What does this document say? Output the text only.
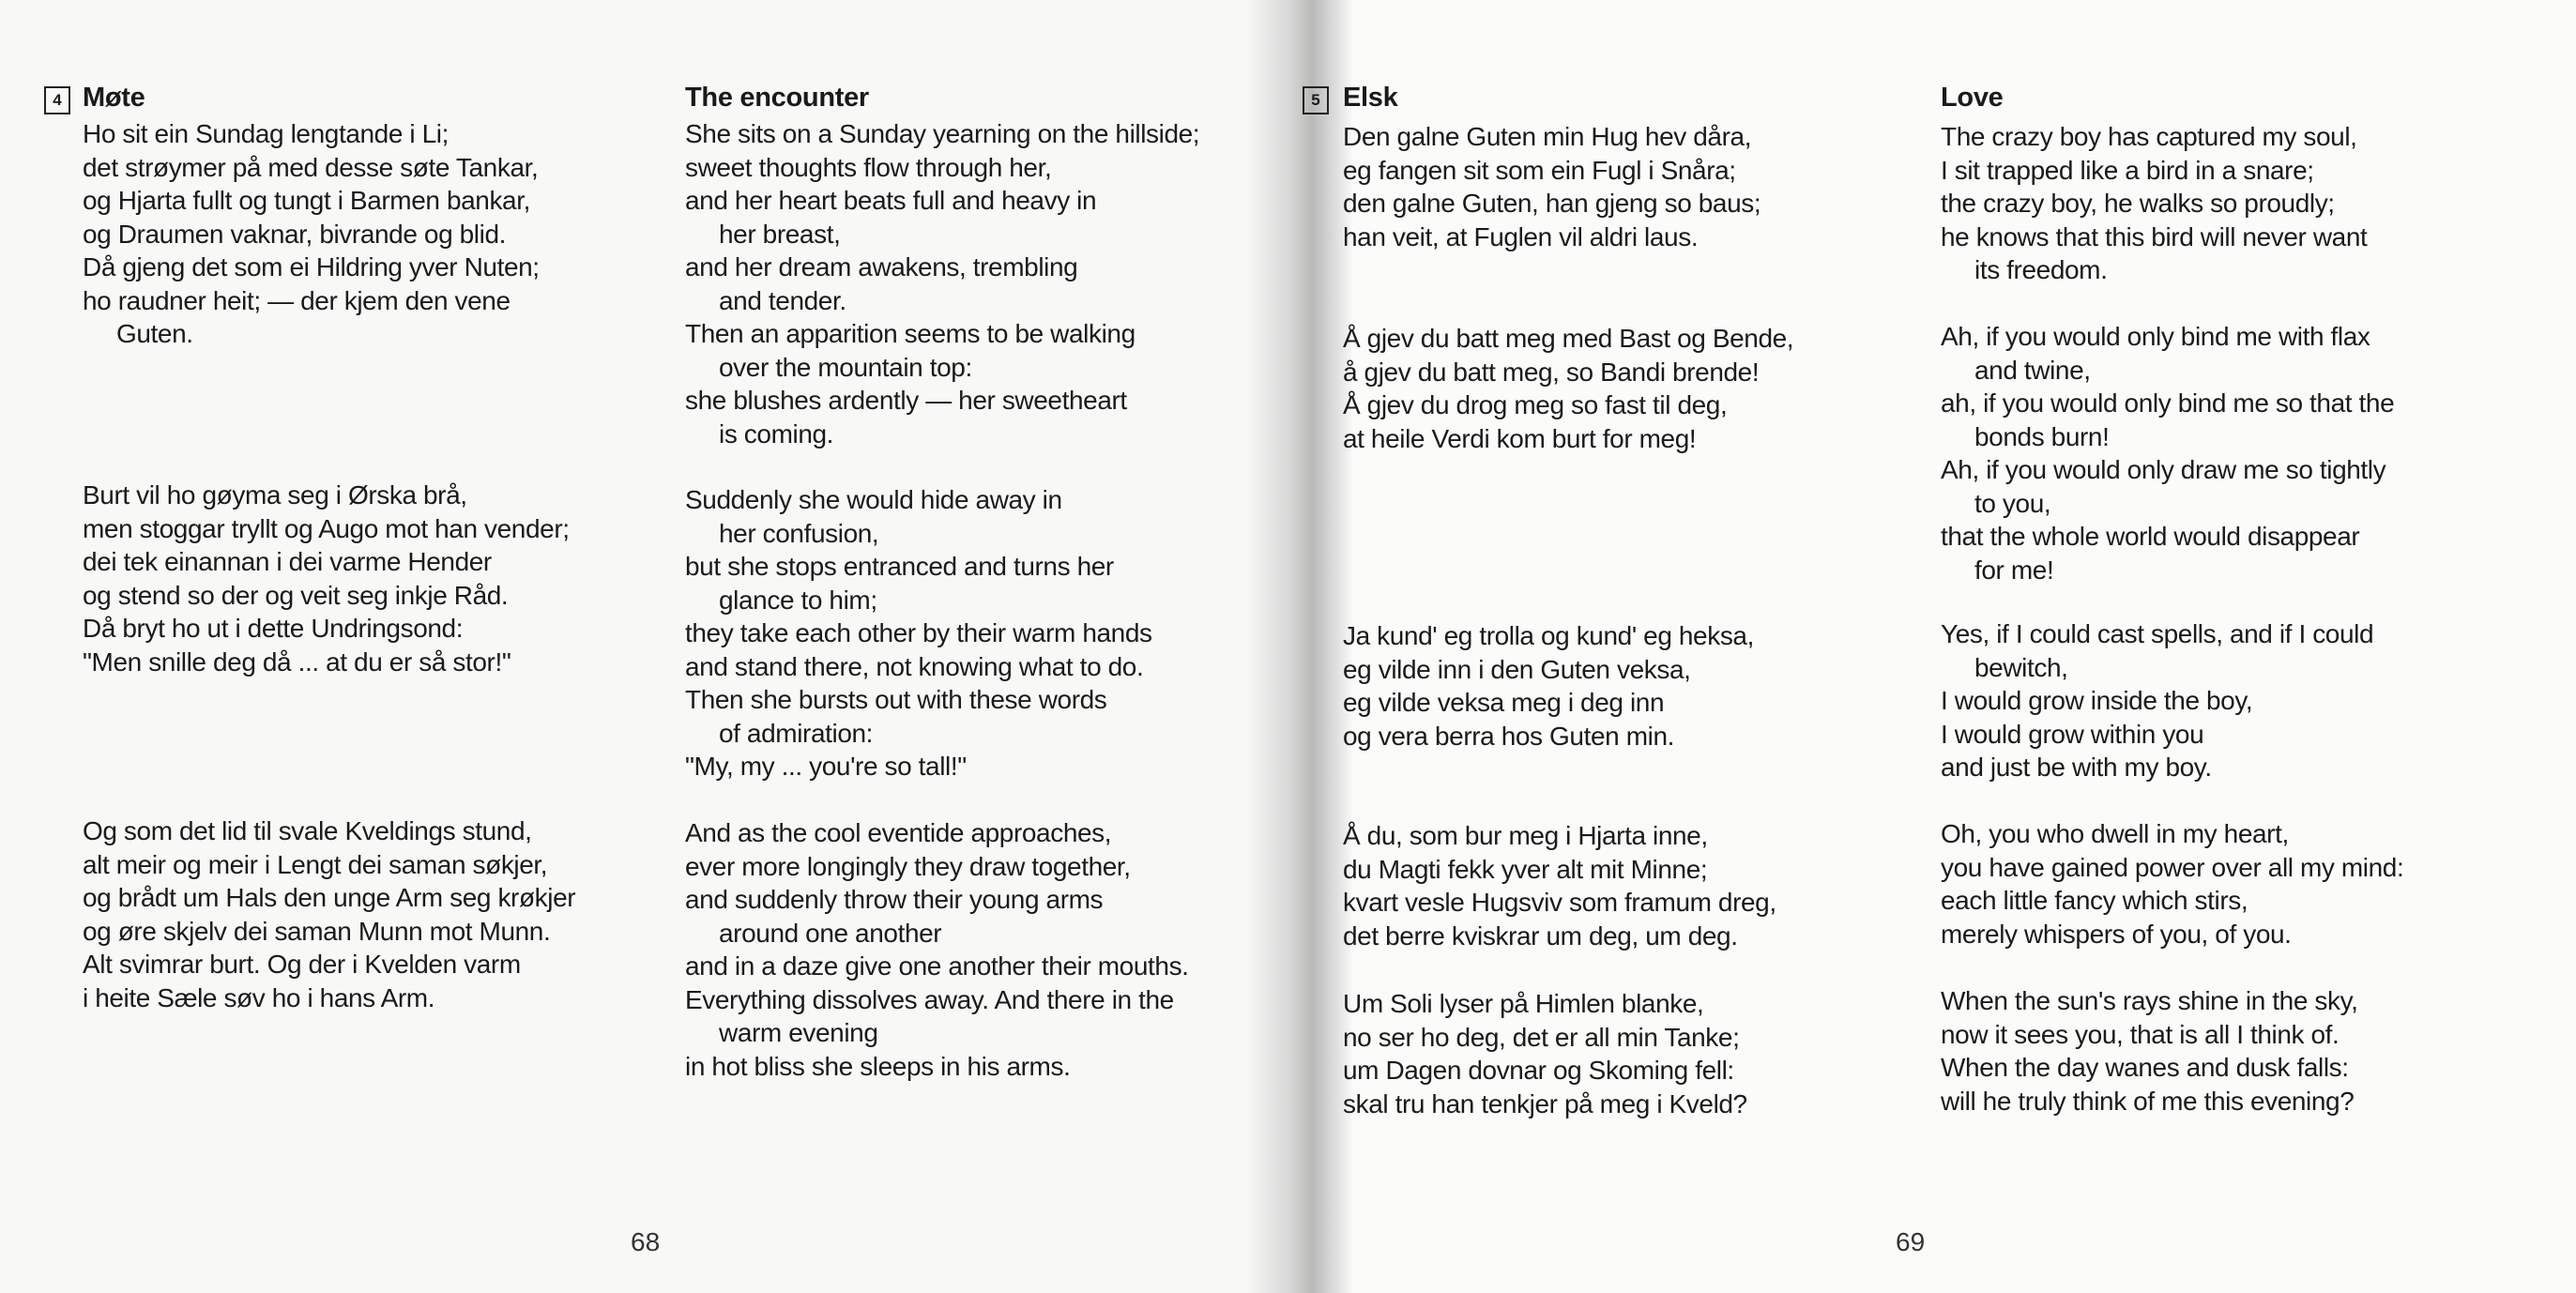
4 Møte
Ho sit ein Sundag lengtande i Li;
det strøymer på med desse søte Tankar,
og Hjarta fullt og tungt i Barmen bankar,
og Draumen vaknar, bivrande og blid.
Då gjeng det som ei Hildring yver Nuten;
ho raudner heit; — der kjem den vene
Guten.
Burt vil ho gøyma seg i Ørska brå,
men stoggar tryllt og Augo mot han vender;
dei tek einannan i dei varme Hender
og stend so der og veit seg inkje Råd.
Då bryt ho ut i dette Undringsond:
"Men snille deg då ... at du er så stor!"
Og som det lid til svale Kveldings stund,
alt meir og meir i Lengt dei saman søkjer,
og brådt um Hals den unge Arm seg krøkjer
og øre skjelv dei saman Munn mot Munn.
Alt svimrar burt. Og der i Kvelden varm
i heite Sæle søv ho i hans Arm.
The encounter
She sits on a Sunday yearning on the hillside;
sweet thoughts flow through her,
and her heart beats full and heavy in
her breast,
and her dream awakens, trembling
and tender.
Then an apparition seems to be walking
over the mountain top:
she blushes ardently — her sweetheart
is coming.
Suddenly she would hide away in
her confusion,
but she stops entranced and turns her
glance to him;
they take each other by their warm hands
and stand there, not knowing what to do.
Then she bursts out with these words
of admiration:
"My, my ... you're so tall!"
And as the cool eventide approaches,
ever more longingly they draw together,
and suddenly throw their young arms
around one another
and in a daze give one another their mouths.
Everything dissolves away. And there in the
warm evening
in hot bliss she sleeps in his arms.
5 Elsk
Den galne Guten min Hug hev dåra,
eg fangen sit som ein Fugl i Snåra;
den galne Guten, han gjeng so baus;
han veit, at Fuglen vil aldri laus.
Å gjev du batt meg med Bast og Bende,
å gjev du batt meg, so Bandi brende!
Å gjev du drog meg so fast til deg,
at heile Verdi kom burt for meg!
Ja kund' eg trolla og kund' eg heksa,
eg vilde inn i den Guten veksa,
eg vilde veksa meg i deg inn
og vera berra hos Guten min.
Å du, som bur meg i Hjarta inne,
du Magti fekk yver alt mit Minne;
kvart vesle Hugsviv som framum dreg,
det berre kviskrar um deg, um deg.
Um Soli lyser på Himlen blanke,
no ser ho deg, det er all min Tanke;
um Dagen dovnar og Skoming fell:
skal tru han tenkjer på meg i Kveld?
Love
The crazy boy has captured my soul,
I sit trapped like a bird in a snare;
the crazy boy, he walks so proudly;
he knows that this bird will never want
its freedom.
Ah, if you would only bind me with flax
and twine,
ah, if you would only bind me so that the
bonds burn!
Ah, if you would only draw me so tightly
to you,
that the whole world would disappear
for me!
Yes, if I could cast spells, and if I could
bewitch,
I would grow inside the boy,
I would grow within you
and just be with my boy.
Oh, you who dwell in my heart,
you have gained power over all my mind:
each little fancy which stirs,
merely whispers of you, of you.
When the sun's rays shine in the sky,
now it sees you, that is all I think of.
When the day wanes and dusk falls:
will he truly think of me this evening?
68	69
